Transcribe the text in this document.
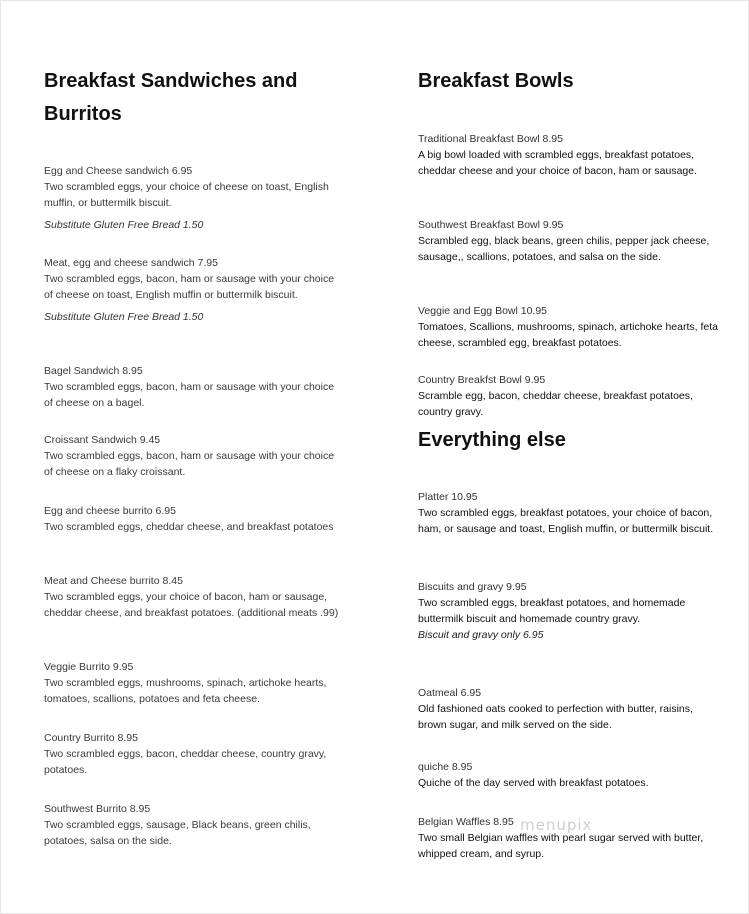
Breakfast Sandwiches and
Burritos
Egg and Cheese sandwich 6.95
Two scrambled eggs, your choice of cheese on toast, English muffin, or buttermilk biscuit.
Substitute Gluten Free Bread 1.50
Meat, egg and cheese sandwich 7.95
Two scrambled eggs, bacon, ham or sausage with your choice of cheese on toast, English muffin or buttermilk biscuit.
Substitute Gluten Free Bread 1.50
Bagel Sandwich 8.95
Two scrambled eggs, bacon, ham or sausage with your choice of cheese on a bagel.
Croissant Sandwich 9.45
Two scrambled eggs, bacon, ham or sausage with your choice of cheese on a flaky croissant.
Egg and cheese burrito 6.95
Two scrambled eggs, cheddar cheese, and breakfast potatoes
Meat and Cheese burrito 8.45
Two scrambled eggs, your choice of bacon, ham or sausage, cheddar cheese, and breakfast potatoes. (additional meats .99)
Veggie Burrito 9.95
Two scrambled eggs, mushrooms, spinach, artichoke hearts, tomatoes, scallions, potatoes and feta cheese.
Country Burrito 8.95
Two scrambled eggs, bacon, cheddar cheese, country gravy, potatoes.
Southwest Burrito 8.95
Two scrambled eggs, sausage, Black beans, green chilis, potatoes, salsa on the side.
Breakfast Bowls
Traditional Breakfast Bowl 8.95
A big bowl loaded with scrambled eggs, breakfast potatoes, cheddar cheese and your choice of bacon, ham or sausage.
Southwest Breakfast Bowl 9.95
Scrambled egg, black beans, green chilis, pepper jack cheese, sausage,, scallions, potatoes, and salsa on the side.
Veggie and Egg Bowl 10.95
Tomatoes, Scallions, mushrooms, spinach, artichoke hearts, feta cheese, scrambled egg, breakfast potatoes.
Country Breakfst Bowl 9.95
Scramble egg, bacon, cheddar cheese, breakfast potatoes, country gravy.
Everything else
Platter 10.95
Two scrambled eggs, breakfast potatoes, your choice of bacon, ham, or sausage and toast, English muffin, or buttermilk biscuit.
Biscuits and gravy 9.95
Two scrambled eggs, breakfast potatoes, and homemade buttermilk biscuit and homemade country gravy.
Biscuit and gravy only 6.95
Oatmeal 6.95
Old fashioned oats cooked to perfection with butter, raisins, brown sugar, and milk served on the side.
quiche 8.95
Quiche of the day served with breakfast potatoes.
Belgian Waffles 8.95
Two small Belgian waffles with pearl sugar served with butter, whipped cream, and syrup.
menupix
